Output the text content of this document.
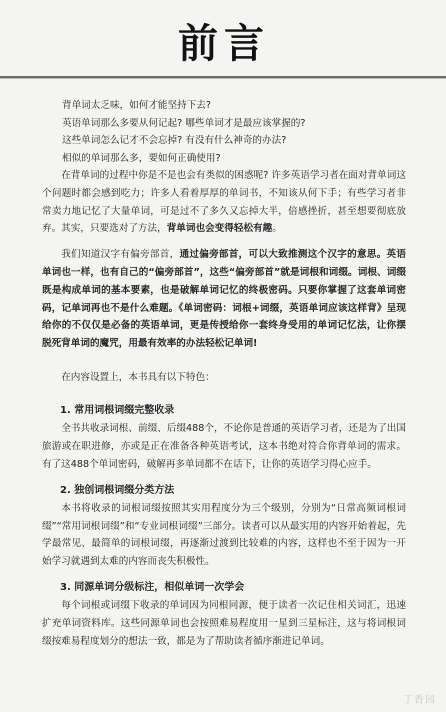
前言
背单词太乏味，如何才能坚持下去?
英语单词那么多要从何记起? 哪些单词才是最应该掌握的?
这些单词怎么记才不会忘掉? 有没有什么神奇的办法?
相似的单词那么多，要如何正确使用?

在背单词的过程中你是不是也会有类似的困惑呢? 许多英语学习者在面对背单词这个问题时都会感到吃力；许多人看着厚厚的单词书，不知该从何下手；有些学习者非常卖力地记忆了大量单词，可是过不了多久又忘掉大半，倍感挫折，甚至想要彻底放弃。其实，只要选对了方法，背单词也会变得轻松有趣。

我们知道汉字有偏旁部首，通过偏旁部首，可以大致推测这个汉字的意思。英语单词也一样，也有自己的“偏旁部首”，这些“偏旁部首”就是词根和词缀。词根、词缀既是构成单词的基本要素，也是破解单词记忆的终极密码。只要你掌握了这套单词密码，记单词再也不是什么难题。《单词密码：词根+词缀，英语单词应该这样背》呈现给你的不仅仅是必备的英语单词，更是传授给你一套终身受用的单词记忆法，让你摆脱死背单词的魔咒，用最有效率的办法轻松记单词!

在内容设置上，本书具有以下特色：

1. 常用词根词缀完整收录

全书共收录词根、前缀、后缀488个，不论你是普通的英语学习者，还是为了出国旅游或在职进修，亦或是正在准备各种英语考试，这本书绝对符合你背单词的需求。有了这488个单词密码，破解再多单词都不在话下，让你的英语学习得心应手。

2. 独创词根词缀分类方法

本书将收录的词根词缀按照其实用程度分为三个级别，分别为“日常高频词根词缀”“常用词根词缀”和“专业词根词缀”三部分。读者可以从最实用的内容开始着起，先学最常见、最简单的词根词缀，再逐渐过渡到比较难的内容，这样也不至于因为一开始学习就遇到太难的内容而丧失积极性。

3. 同源单词分级标注，相似单词一次学会

每个词根或词缀下收录的单词因为同根同源，便于读者一次记住相关词汇，迅速扩充单词资料库。这些同源单词也会按照难易程度用一星到三星标注，这与将词根词缀按难易程度划分的想法一致，都是为了帮助读者循序渐进记单词。

丁香园
